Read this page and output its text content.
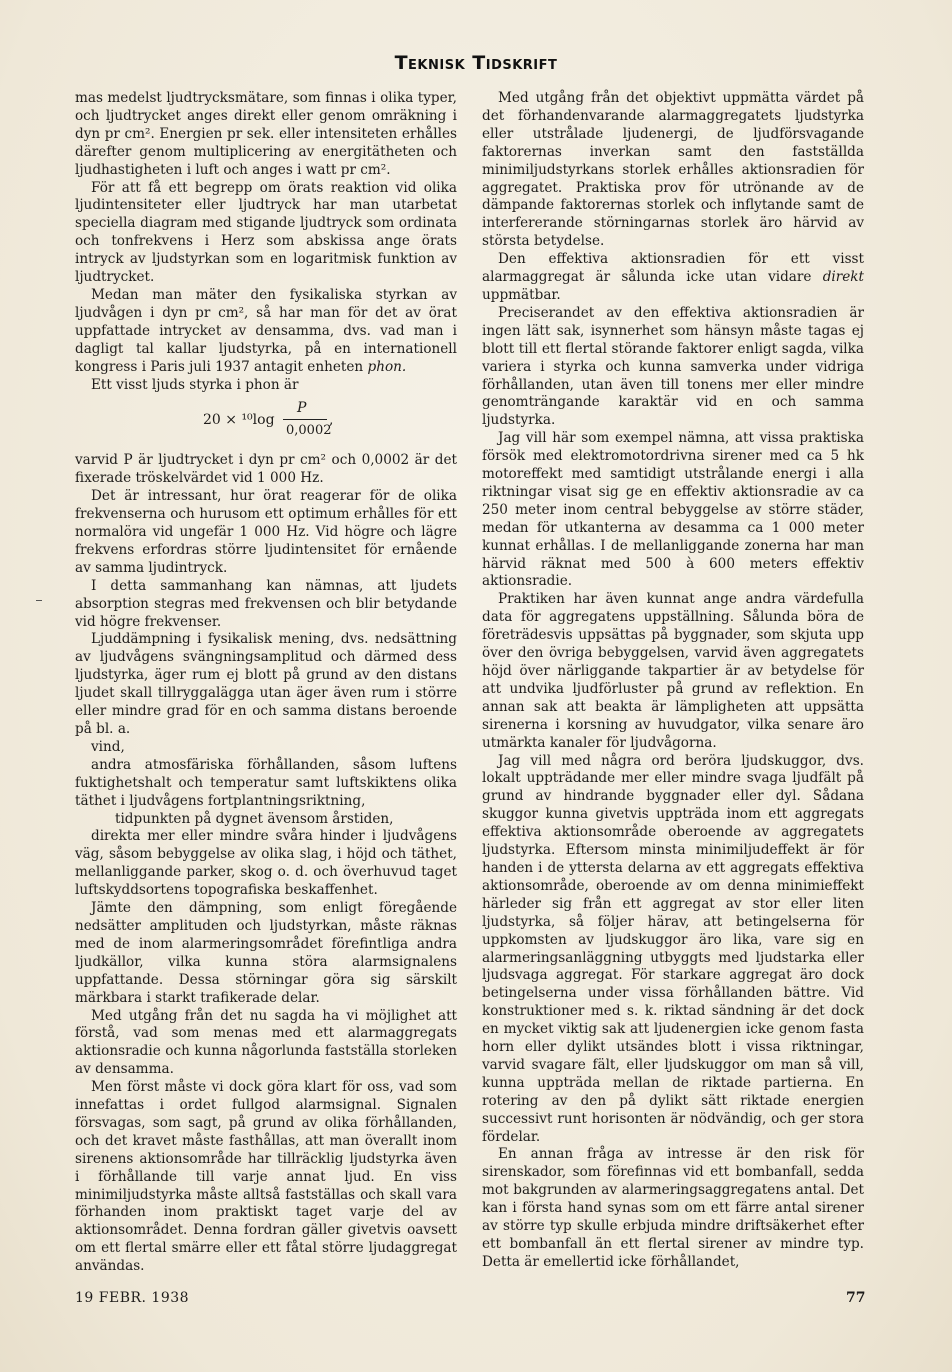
Teknisk Tidskrift

mas medelst ljudtrycksmätare, som finnas i olika typer, och ljudtrycket anges direkt eller genom omräkning i dyn pr cm². Energien pr sek. eller intensiteten erhålles därefter genom multiplicering av energitätheten och ljudhastigheten i luft och anges i watt pr cm².

För att få ett begrepp om örats reaktion vid olika ljudintensiteter eller ljudtryck har man utarbetat speciella diagram med stigande ljudtryck som ordinata och tonfrekvens i Herz som abskissa ange örats intryck av ljudstyrkan som en logaritmisk funktion av ljudtrycket.

Medan man mäter den fysikaliska styrkan av ljudvågen i dyn pr cm², så har man för det av örat uppfattade intrycket av densamma, dvs. vad man i dagligt tal kallar ljudstyrka, på en internationell kongress i Paris juli 1937 antagit enheten phon.

Ett visst ljuds styrka i phon är

20 × ¹⁰log
P
0,0002
,

varvid P är ljudtrycket i dyn pr cm² och 0,0002 är det fixerade tröskelvärdet vid 1 000 Hz.

Det är intressant, hur örat reagerar för de olika frekvenserna och hurusom ett optimum erhålles för ett normalöra vid ungefär 1 000 Hz. Vid högre och lägre frekvens erfordras större ljudintensitet för ernående av samma ljudintryck.

I detta sammanhang kan nämnas, att ljudets absorption stegras med frekvensen och blir betydande vid högre frekvenser.

Ljuddämpning i fysikalisk mening, dvs. nedsättning av ljudvågens svängningsamplitud och därmed dess ljudstyrka, äger rum ej blott på grund av den distans ljudet skall tillryggalägga utan äger även rum i större eller mindre grad för en och samma distans beroende på bl. a.

vind,

andra atmosfäriska förhållanden, såsom luftens fuktighetshalt och temperatur samt luftskiktens olika täthet i ljudvågens fortplantningsriktning,

tidpunkten på dygnet ävensom årstiden,

direkta mer eller mindre svåra hinder i ljudvågens väg, såsom bebyggelse av olika slag, i höjd och täthet, mellanliggande parker, skog o. d. och överhuvud taget luftskyddsortens topografiska beskaffenhet.

Jämte den dämpning, som enligt föregående nedsätter amplituden och ljudstyrkan, måste räknas med de inom alarmeringsområdet förefintliga andra ljudkällor, vilka kunna störa alarmsignalens uppfattande. Dessa störningar göra sig särskilt märkbara i starkt trafikerade delar.

Med utgång från det nu sagda ha vi möjlighet att förstå, vad som menas med ett alarmaggregats aktionsradie och kunna någorlunda fastställa storleken av densamma.

Men först måste vi dock göra klart för oss, vad som innefattas i ordet fullgod alarmsignal. Signalen försvagas, som sagt, på grund av olika förhållanden, och det kravet måste fasthållas, att man överallt inom sirenens aktionsområde har tillräcklig ljudstyrka även i förhållande till varje annat ljud. En viss minimiljudstyrka måste alltså fastställas och skall vara förhanden inom praktiskt taget varje del av aktionsområdet. Denna fordran gäller givetvis oavsett om ett flertal smärre eller ett fåtal större ljudaggregat användas.

Med utgång från det objektivt uppmätta värdet på det förhandenvarande alarmaggregatets ljudstyrka eller utstrålade ljudenergi, de ljudförsvagande faktorernas inverkan samt den fastställda minimiljudstyrkans storlek erhålles aktionsradien för aggregatet. Praktiska prov för utrönande av de dämpande faktorernas storlek och inflytande samt de interfererande störningarnas storlek äro härvid av största betydelse.

Den effektiva aktionsradien för ett visst alarmaggregat är sålunda icke utan vidare direkt uppmätbar.

Preciserandet av den effektiva aktionsradien är ingen lätt sak, isynnerhet som hänsyn måste tagas ej blott till ett flertal störande faktorer enligt sagda, vilka variera i styrka och kunna samverka under vidriga förhållanden, utan även till tonens mer eller mindre genomträngande karaktär vid en och samma ljudstyrka.

Jag vill här som exempel nämna, att vissa praktiska försök med elektromotordrivna sirener med ca 5 hk motoreffekt med samtidigt utstrålande energi i alla riktningar visat sig ge en effektiv aktionsradie av ca 250 meter inom central bebyggelse av större städer, medan för utkanterna av desamma ca 1 000 meter kunnat erhållas. I de mellanliggande zonerna har man härvid räknat med 500 à 600 meters effektiv aktionsradie.

Praktiken har även kunnat ange andra värdefulla data för aggregatens uppställning. Sålunda böra de företrädesvis uppsättas på byggnader, som skjuta upp över den övriga bebyggelsen, varvid även aggregatets höjd över närliggande takpartier är av betydelse för att undvika ljudförluster på grund av reflektion. En annan sak att beakta är lämpligheten att uppsätta sirenerna i korsning av huvudgator, vilka senare äro utmärkta kanaler för ljudvågorna.

Jag vill med några ord beröra ljudskuggor, dvs. lokalt uppträdande mer eller mindre svaga ljudfält på grund av hindrande byggnader eller dyl. Sådana skuggor kunna givetvis uppträda inom ett aggregats effektiva aktionsområde oberoende av aggregatets ljudstyrka. Eftersom minsta minimiljudeffekt är för handen i de yttersta delarna av ett aggregats effektiva aktionsområde, oberoende av om denna minimieffekt härleder sig från ett aggregat av stor eller liten ljudstyrka, så följer härav, att betingelserna för uppkomsten av ljudskuggor äro lika, vare sig en alarmeringsanläggning utbyggts med ljudstarka eller ljudsvaga aggregat. För starkare aggregat äro dock betingelserna under vissa förhållanden bättre. Vid konstruktioner med s. k. riktad sändning är det dock en mycket viktig sak att ljudenergien icke genom fasta horn eller dylikt utsändes blott i vissa riktningar, varvid svagare fält, eller ljudskuggor om man så vill, kunna uppträda mellan de riktade partierna. En rotering av den på dylikt sätt riktade energien successivt runt horisonten är nödvändig, och ger stora fördelar.

En annan fråga av intresse är den risk för sirenskador, som förefinnas vid ett bombanfall, sedda mot bakgrunden av alarmeringsaggregatens antal. Det kan i första hand synas som om ett färre antal sirener av större typ skulle erbjuda mindre driftsäkerhet efter ett bombanfall än ett flertal sirener av mindre typ. Detta är emellertid icke förhållandet,

19 FEBR. 1938	77
